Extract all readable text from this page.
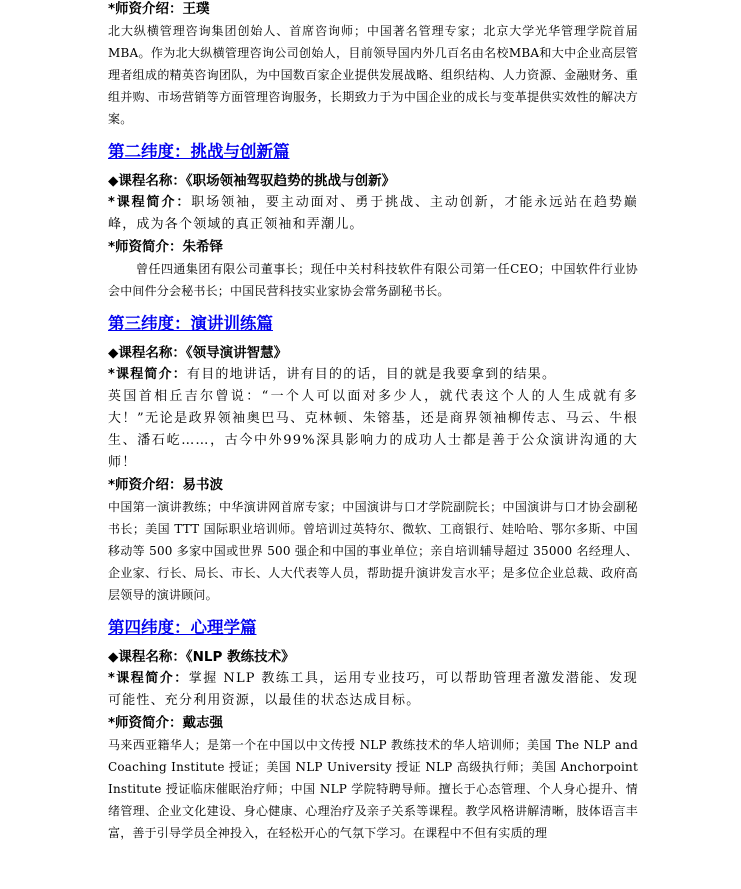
*师资介绍：王璞
北大纵横管理咨询集团创始人、首席咨询师；中国著名管理专家；北京大学光华管理学院首届MBA。作为北大纵横管理咨询公司创始人，目前领导国内外几百名由名校MBA和大中企业高层管理者组成的精英咨询团队，为中国数百家企业提供发展战略、组织结构、人力资源、金融财务、重组并购、市场营销等方面管理咨询服务，长期致力于为中国企业的成长与变革提供实效性的解决方案。
第二纬度：挑战与创新篇
◆课程名称：《职场领袖驾驭趋势的挑战与创新》
*课程简介：职场领袖，要主动面对、勇于挑战、主动创新，才能永远站在趋势巅峰，成为各个领域的真正领袖和弄潮儿。
*师资简介：朱希铎
曾任四通集团有限公司董事长；现任中关村科技软件有限公司第一任CEO；中国软件行业协会中间件分会秘书长；中国民营科技实业家协会常务副秘书长。
第三纬度：演讲训练篇
◆课程名称：《领导演讲智慧》
*课程简介：有目的地讲话，讲有目的的话，目的就是我要拿到的结果。
英国首相丘吉尔曾说：“一个人可以面对多少人，就代表这个人的人生成就有多大！”无论是政界领袖奥巴马、克林顿、朱镕基，还是商界领袖柳传志、马云、牛根生、潘石屹……，古今中外99%深具影响力的成功人士都是善于公众演讲沟通的大师！
*师资介绍：易书波
中国第一演讲教练；中华演讲网首席专家；中国演讲与口才学院副院长；中国演讲与口才协会副秘书长；美国 TTT 国际职业培训师。曾培训过英特尔、微软、工商银行、娃哈哈、鄂尔多斯、中国移动等 500 多家中国或世界 500 强企和中国的事业单位；亲自培训辅导超过 35000 名经理人、企业家、行长、局长、市长、人大代表等人员，帮助提升演讲发言水平；是多位企业总裁、政府高层领导的演讲顾问。
第四纬度：心理学篇
◆课程名称：《NLP 教练技术》
*课程简介：掌握 NLP 教练工具，运用专业技巧，可以帮助管理者激发潜能、发现可能性、充分利用资源，以最佳的状态达成目标。
*师资简介：戴志强
马来西亚籍华人；是第一个在中国以中文传授 NLP 教练技术的华人培训师；美国 The NLP and Coaching Institute 授证；美国 NLP University 授证 NLP 高级执行师；美国 Anchorpoint Institute 授证临床催眠治疗师；中国 NLP 学院特聘导师。擅长于心态管理、个人身心提升、情绪管理、企业文化建设、身心健康、心理治疗及亲子关系等课程。教学风格讲解清晰，肢体语言丰富，善于引导学员全神投入，在轻松开心的气氛下学习。在课程中不但有实质的理
